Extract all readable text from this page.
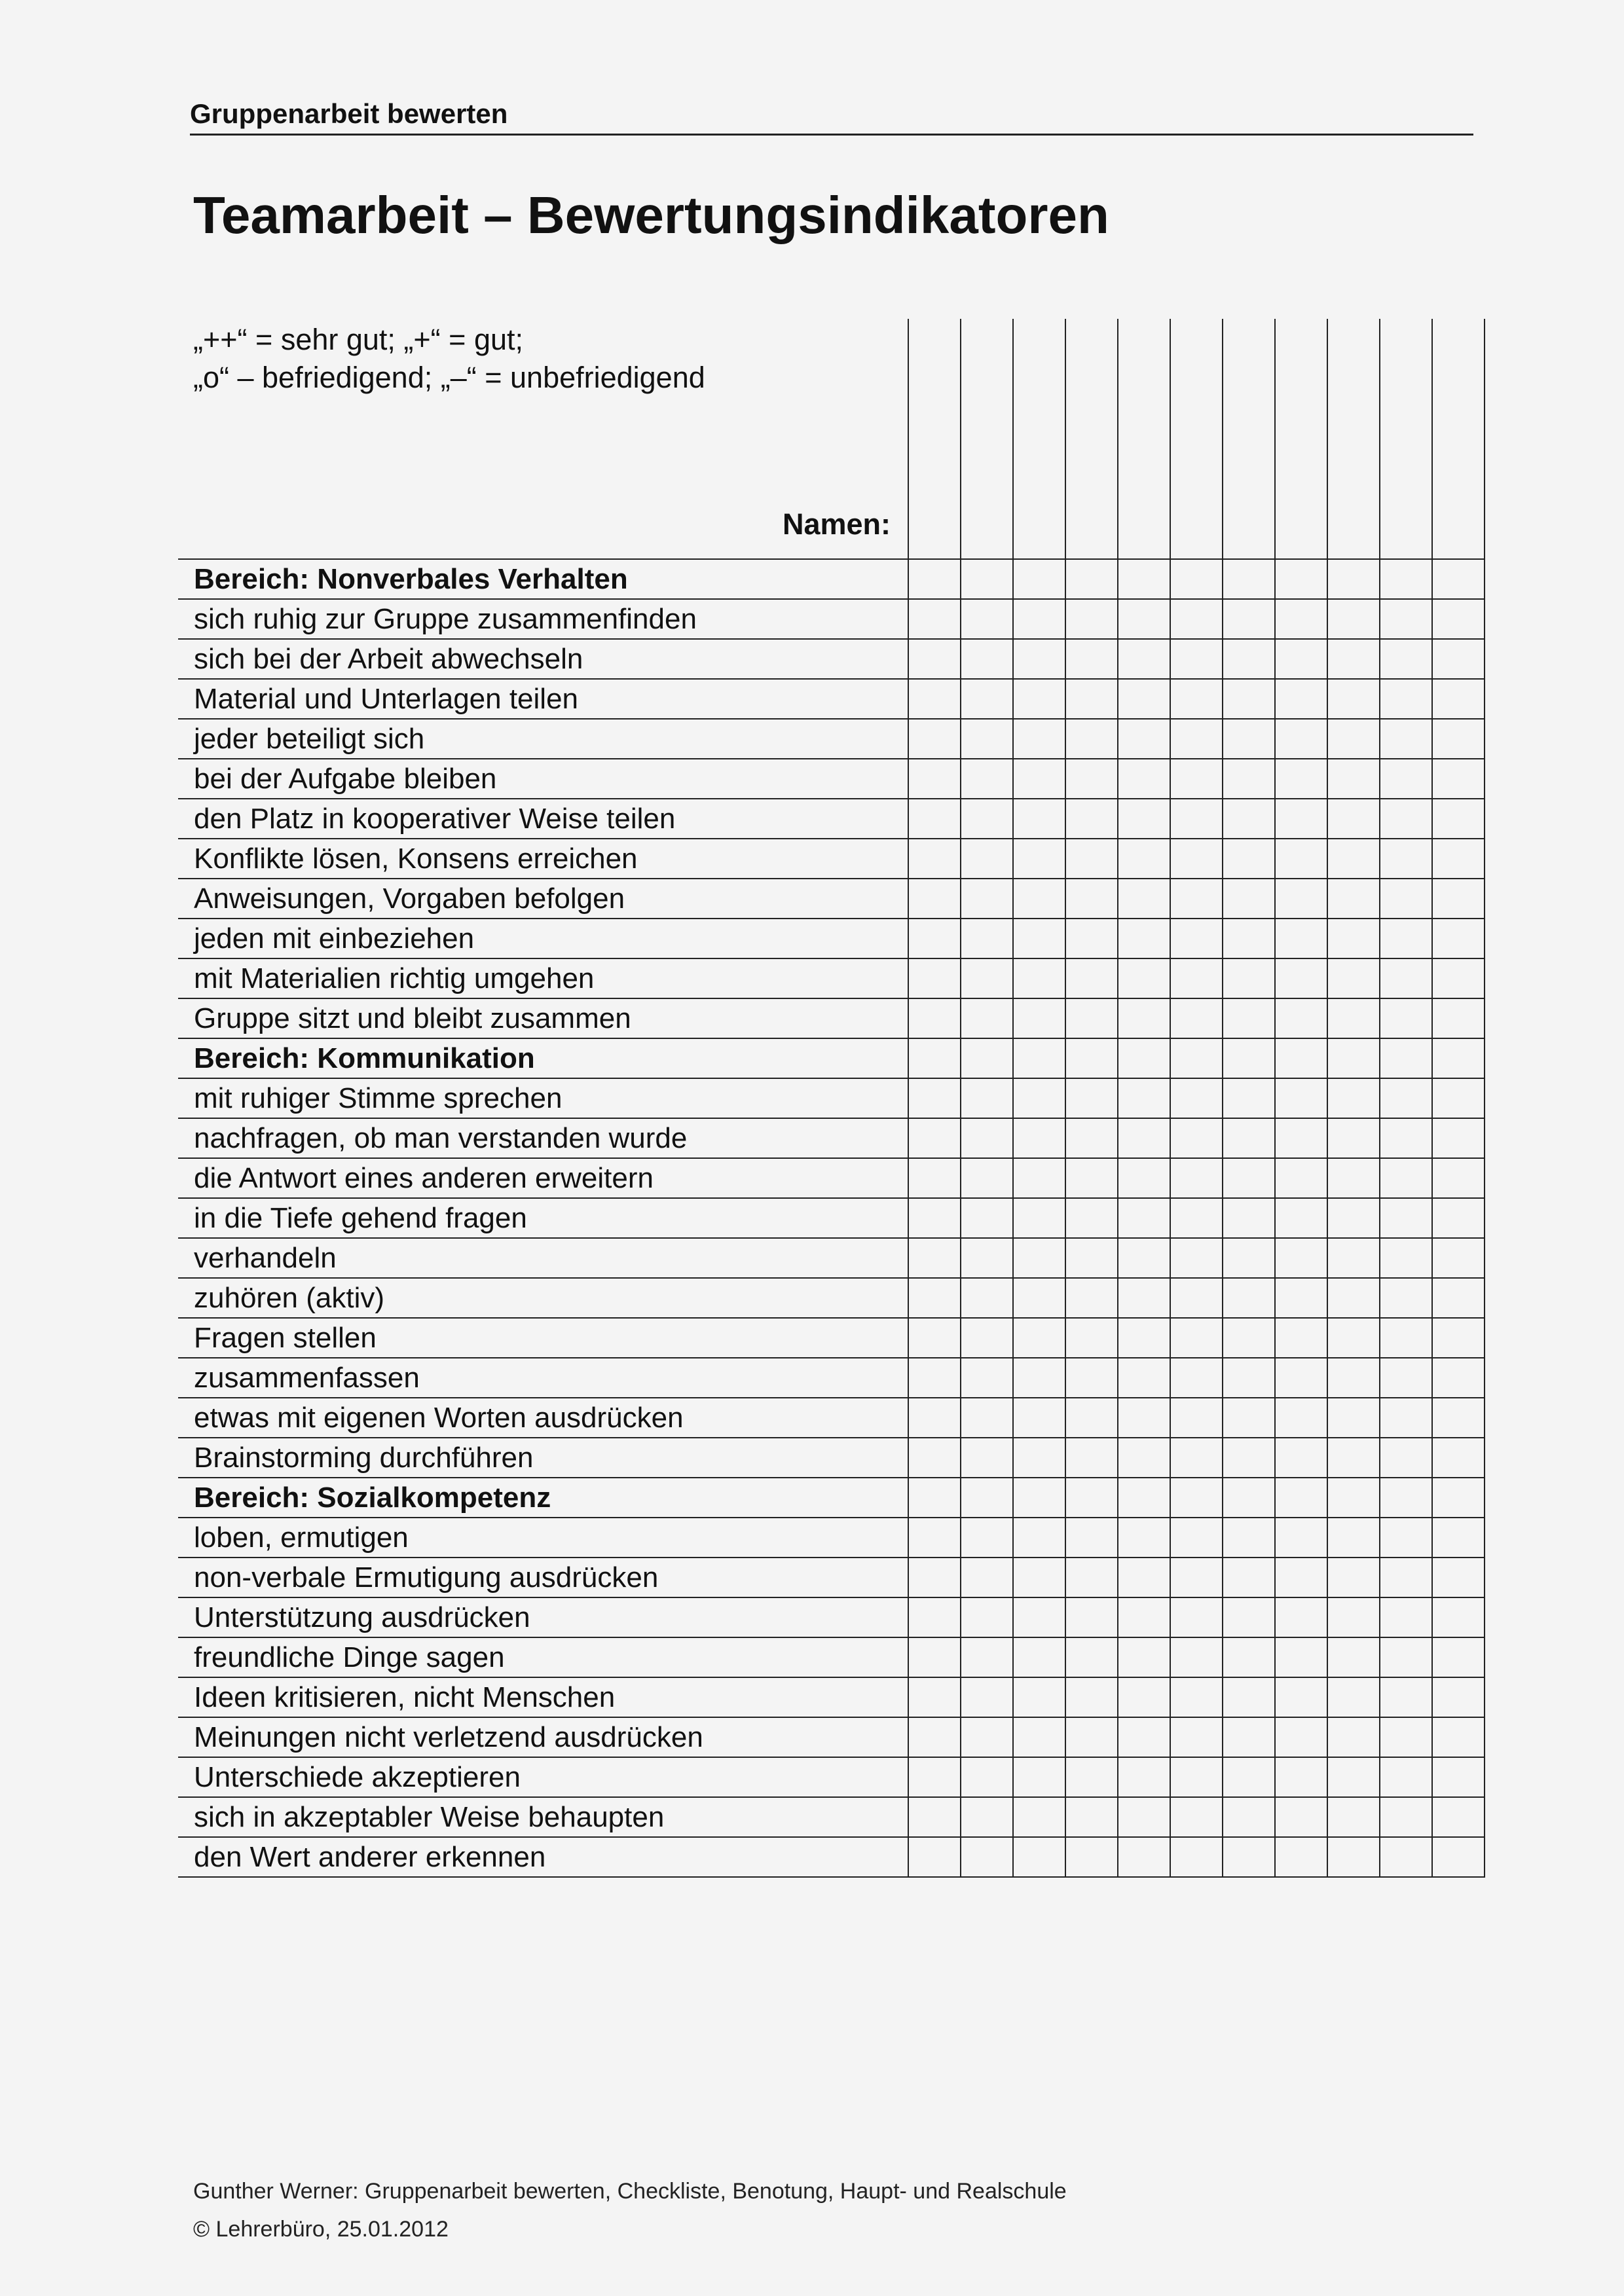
Gruppenarbeit bewerten
Teamarbeit – Bewertungsindikatoren

Bereich: Nonverbales Verhalten											
sich ruhig zur Gruppe zusammenfinden											
sich bei der Arbeit abwechseln											
Material und Unterlagen teilen											
jeder beteiligt sich											
bei der Aufgabe bleiben											
den Platz in kooperativer Weise teilen											
Konflikte lösen, Konsens erreichen											
Anweisungen, Vorgaben befolgen											
jeden mit einbeziehen											
mit Materialien richtig umgehen											
Gruppe sitzt und bleibt zusammen											
Bereich: Kommunikation											
mit ruhiger Stimme sprechen											
nachfragen, ob man verstanden wurde											
die Antwort eines anderen erweitern											
in die Tiefe gehend fragen											
verhandeln											
zuhören (aktiv)											
Fragen stellen											
zusammenfassen											
etwas mit eigenen Worten ausdrücken											
Brainstorming durchführen											
Bereich: Sozialkompetenz											
loben, ermutigen											
non-verbale Ermutigung ausdrücken											
Unterstützung ausdrücken											
freundliche Dinge sagen											
Ideen kritisieren, nicht Menschen											
Meinungen nicht verletzend ausdrücken											
Unterschiede akzeptieren											
sich in akzeptabler Weise behaupten											
den Wert anderer erkennen											
„++“ = sehr gut; „+“ = gut;
„o“ – befriedigend; „–“ = unbefriedigend
Namen:
Gunther Werner: Gruppenarbeit bewerten, Checkliste, Benotung, Haupt- und Realschule
© Lehrerbüro, 25.01.2012
